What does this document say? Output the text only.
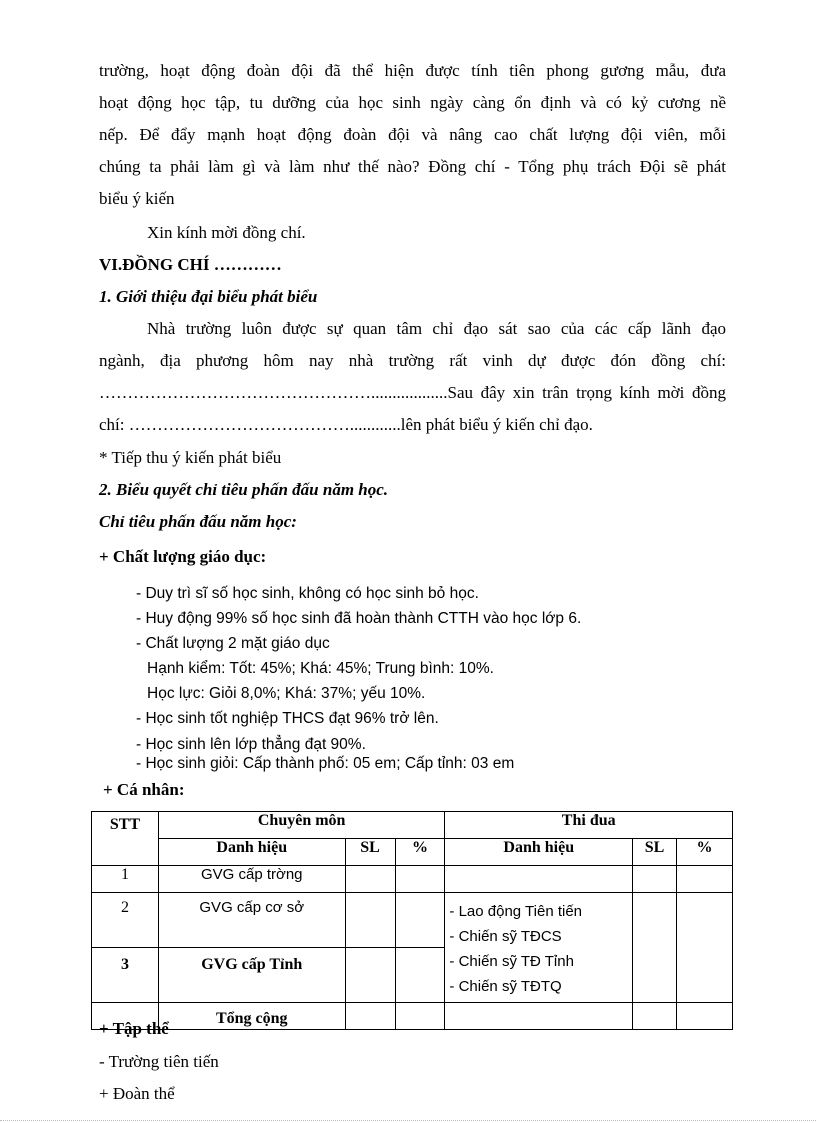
trường, hoạt động đoàn đội đã thể hiện được tính tiên phong gương mẫu, đưa
hoạt động học tập, tu dưỡng của học sinh ngày càng ổn định và có kỷ cương nề
nếp. Để đẩy mạnh hoạt động đoàn đội và nâng cao chất lượng đội viên, mỗi
chúng ta phải làm gì và làm như thế nào? Đồng chí - Tổng phụ trách Đội sẽ phát
biểu ý kiến
Xin kính mời đồng chí.
VI.ĐỒNG CHÍ …………
1. Giới thiệu đại biểu phát biểu
Nhà trường luôn được sự quan tâm chỉ đạo sát sao của các cấp lãnh đạo
ngành, địa phương hôm nay nhà trường rất vinh dự được đón đồng chí:
…………………………………………..................Sau đây xin trân trọng kính mời đồng
chí: …………………………………............lên phát biểu ý kiến chỉ đạo.
* Tiếp thu ý kiến phát biểu
2. Biểu quyết chỉ tiêu phấn đấu năm học.
Chỉ tiêu phấn đấu năm học:
+ Chất lượng giáo dục:
- Duy trì sĩ số học sinh, không có học sinh bỏ học.
- Huy động 99% số học sinh đã hoàn thành CTTH vào học lớp 6.
- Chất lượng 2 mặt giáo dục
Hạnh kiểm: Tốt: 45%; Khá: 45%; Trung bình: 10%.
Học lực: Giỏi 8,0%; Khá: 37%; yếu 10%.
- Học sinh tốt nghiệp THCS đạt 96% trở lên.
- Học sinh lên lớp thẳng đạt 90%.
- Học sinh giỏi: Cấp thành phố: 05 em; Cấp tỉnh: 03 em
+ Cá nhân:
STT	Chuyên môn			Thi đua		
	Danh hiệu	SL	%	Danh hiệu	SL	%
1	GVG cấp trờng					
2	GVG cấp cơ sở			- Lao động Tiên tiến
- Chiến sỹ TĐCS
- Chiến sỹ TĐ Tỉnh
- Chiến sỹ TĐTQ		

3	GVG cấp Tỉnh					
	Tổng cộng					
+ Tập thể
- Trường tiên tiến
+ Đoàn thể
